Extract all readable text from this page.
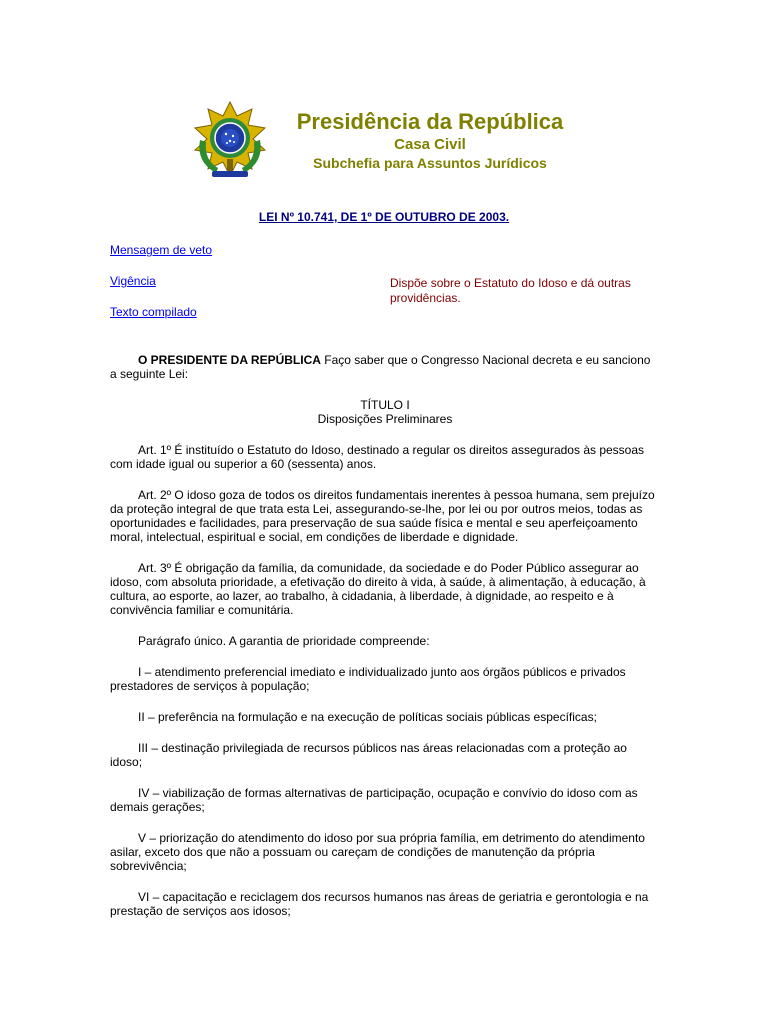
Presidência da República
Casa Civil
Subchefia para Assuntos Jurídicos
LEI Nº 10.741, DE 1º DE OUTUBRO DE 2003.
Mensagem de veto
Vigência
Texto compilado
Dispõe sobre o Estatuto do Idoso e dá outras providências.

O PRESIDENTE DA REPÚBLICA Faço saber que o Congresso Nacional decreta e eu sanciono a seguinte Lei:

TÍTULO I
Disposições Preliminares

Art. 1º É instituído o Estatuto do Idoso, destinado a regular os direitos assegurados às pessoas com idade igual ou superior a 60 (sessenta) anos.

Art. 2º O idoso goza de todos os direitos fundamentais inerentes à pessoa humana, sem prejuízo da proteção integral de que trata esta Lei, assegurando-se-lhe, por lei ou por outros meios, todas as oportunidades e facilidades, para preservação de sua saúde física e mental e seu aperfeiçoamento moral, intelectual, espiritual e social, em condições de liberdade e dignidade.

Art. 3º É obrigação da família, da comunidade, da sociedade e do Poder Público assegurar ao idoso, com absoluta prioridade, a efetivação do direito à vida, à saúde, à alimentação, à educação, à cultura, ao esporte, ao lazer, ao trabalho, à cidadania, à liberdade, à dignidade, ao respeito e à convivência familiar e comunitária.

Parágrafo único. A garantia de prioridade compreende:

I – atendimento preferencial imediato e individualizado junto aos órgãos públicos e privados prestadores de serviços à população;

II – preferência na formulação e na execução de políticas sociais públicas específicas;

III – destinação privilegiada de recursos públicos nas áreas relacionadas com a proteção ao idoso;

IV – viabilização de formas alternativas de participação, ocupação e convívio do idoso com as demais gerações;

V – priorização do atendimento do idoso por sua própria família, em detrimento do atendimento asilar, exceto dos que não a possuam ou careçam de condições de manutenção da própria sobrevivência;

VI – capacitação e reciclagem dos recursos humanos nas áreas de geriatria e gerontologia e na prestação de serviços aos idosos;
